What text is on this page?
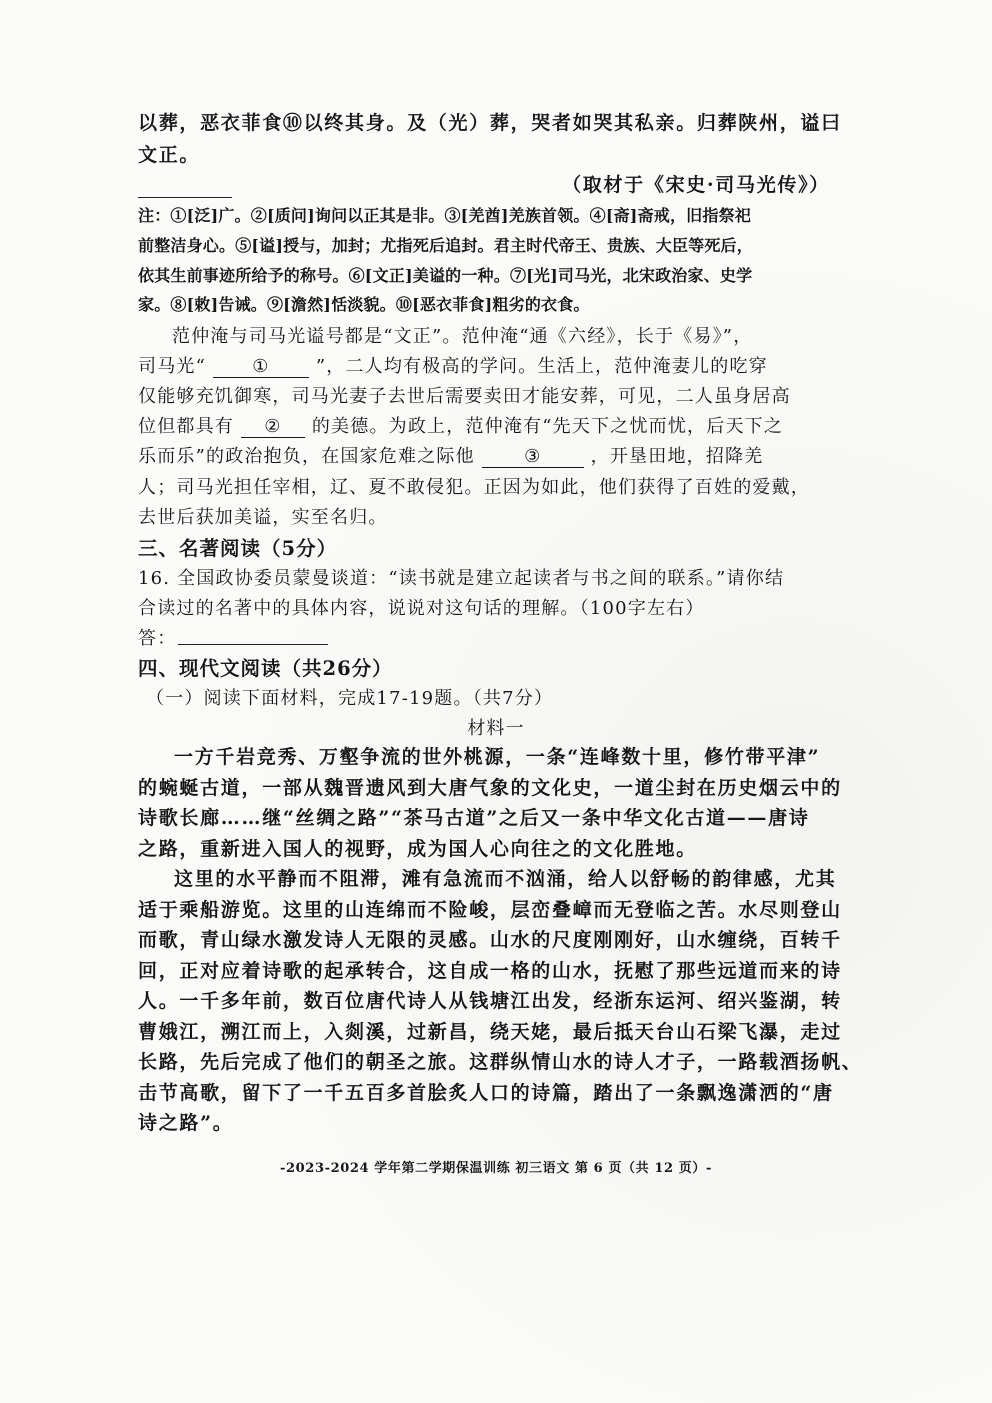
以葬，恶衣菲食⑩以终其身。及（光）葬，哭者如哭其私亲。归葬陕州，谥曰
文正。
（取材于《宋史·司马光传》）
注：①[泛]广。②[质问]询问以正其是非。③[羌酋]羌族首领。④[斋]斋戒，旧指祭祀
前整洁身心。⑤[谥]授与，加封；尤指死后追封。君主时代帝王、贵族、大臣等死后，
依其生前事迹所给予的称号。⑥[文正]美谥的一种。⑦[光]司马光，北宋政治家、史学
家。⑧[敕]告诫。⑨[澹然]恬淡貌。⑩[恶衣菲食]粗劣的衣食。
范仲淹与司马光谥号都是“文正”。范仲淹“通《六经》，长于《易》”，
司马光“	①	”，二人均有极高的学问。生活上，范仲淹妻儿的吃穿
仅能够充饥御寒，司马光妻子去世后需要卖田才能安葬，可见，二人虽身居高
位但都具有 ② 的美德。为政上，范仲淹有“先天下之忧而忧，后天下之
乐而乐”的政治抱负，在国家危难之际他	③	，开垦田地，招降羌
人；司马光担任宰相，辽、夏不敢侵犯。正因为如此，他们获得了百姓的爱戴，
去世后获加美谥，实至名归。
三、名著阅读（5分）
16. 全国政协委员蒙曼谈道：“读书就是建立起读者与书之间的联系。”请你结
合读过的名著中的具体内容，说说对这句话的理解。（100字左右）
答：
四、现代文阅读（共26分）
（一）阅读下面材料，完成17-19题。（共7分）
材料一
一方千岩竞秀、万壑争流的世外桃源，一条“连峰数十里，修竹带平津”
的蜿蜒古道，一部从魏晋遗风到大唐气象的文化史，一道尘封在历史烟云中的
诗歌长廊……继“丝绸之路”“茶马古道”之后又一条中华文化古道——唐诗
之路，重新进入国人的视野，成为国人心向往之的文化胜地。
这里的水平静而不阻滞，滩有急流而不汹涌，给人以舒畅的韵律感，尤其
适于乘船游览。这里的山连绵而不险峻，层峦叠嶂而无登临之苦。水尽则登山
而歌，青山绿水激发诗人无限的灵感。山水的尺度刚刚好，山水缠绕，百转千
回，正对应着诗歌的起承转合，这自成一格的山水，抚慰了那些远道而来的诗
人。一千多年前，数百位唐代诗人从钱塘江出发，经浙东运河、绍兴鉴湖，转
曹娥江，溯江而上，入剡溪，过新昌，绕天姥，最后抵天台山石梁飞瀑，走过
长路，先后完成了他们的朝圣之旅。这群纵情山水的诗人才子，一路载酒扬帆、
击节高歌，留下了一千五百多首脍炙人口的诗篇，踏出了一条飘逸潇洒的“唐
诗之路”。
-2023-2024 学年第二学期保温训练 初三语文 第 6 页（共 12 页）-
